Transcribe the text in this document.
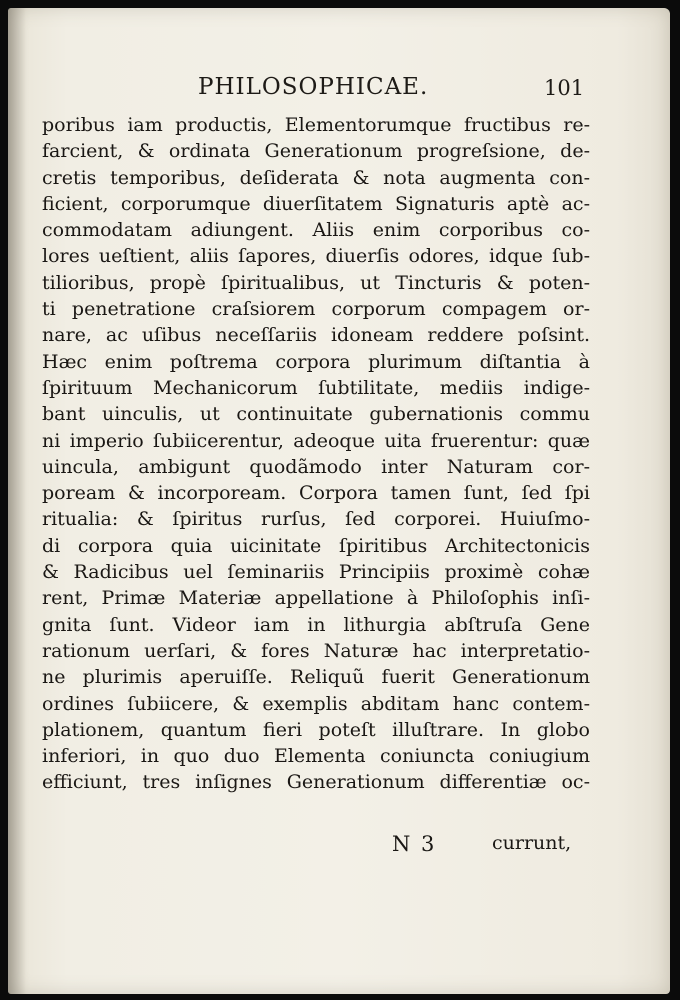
PHILOSOPHICAE.	101
poribus iam productis, Elementorumque fructibus re-
farcient, & ordinata Generationum progreſsione, de-
cretis temporibus, deſiderata & nota augmenta con-
ficient, corporumque diuerſitatem Signaturis aptè ac-
commodatam adiungent. Aliis enim corporibus co-
lores ueſtient, aliis ſapores, diuerſis odores, idque ſub-
tilioribus, propè ſpiritualibus, ut Tincturis & poten-
ti penetratione craſsiorem corporum compagem or-
nare, ac uſibus neceſſariis idoneam reddere poſsint.
Hæc enim poſtrema corpora plurimum diſtantia à
ſpirituum Mechanicorum ſubtilitate, mediis indige-
bant uinculis, ut continuitate gubernationis commu
ni imperio ſubiicerentur, adeoque uita fruerentur: quæ
uincula, ambigunt quodãmodo inter Naturam cor-
poream & incorpoream. Corpora tamen ſunt, ſed ſpi
ritualia: & ſpiritus rurſus, ſed corporei. Huiuſmo-
di corpora quia uicinitate ſpiritibus Architectonicis
& Radicibus uel ſeminariis Principiis proximè cohæ
rent, Primæ Materiæ appellatione à Philoſophis inſi-
gnita ſunt. Videor iam in lithurgia abſtruſa Gene
rationum uerſari, & fores Naturæ hac interpretatio-
ne plurimis aperuiſſe. Reliquũ fuerit Generationum
ordines ſubiicere, & exemplis abditam hanc contem-
plationem, quantum fieri poteſt illuſtrare. In globo
inferiori, in quo duo Elementa coniuncta coniugium
efficiunt, tres inſignes Generationum differentiæ oc-
N 3	currunt,
